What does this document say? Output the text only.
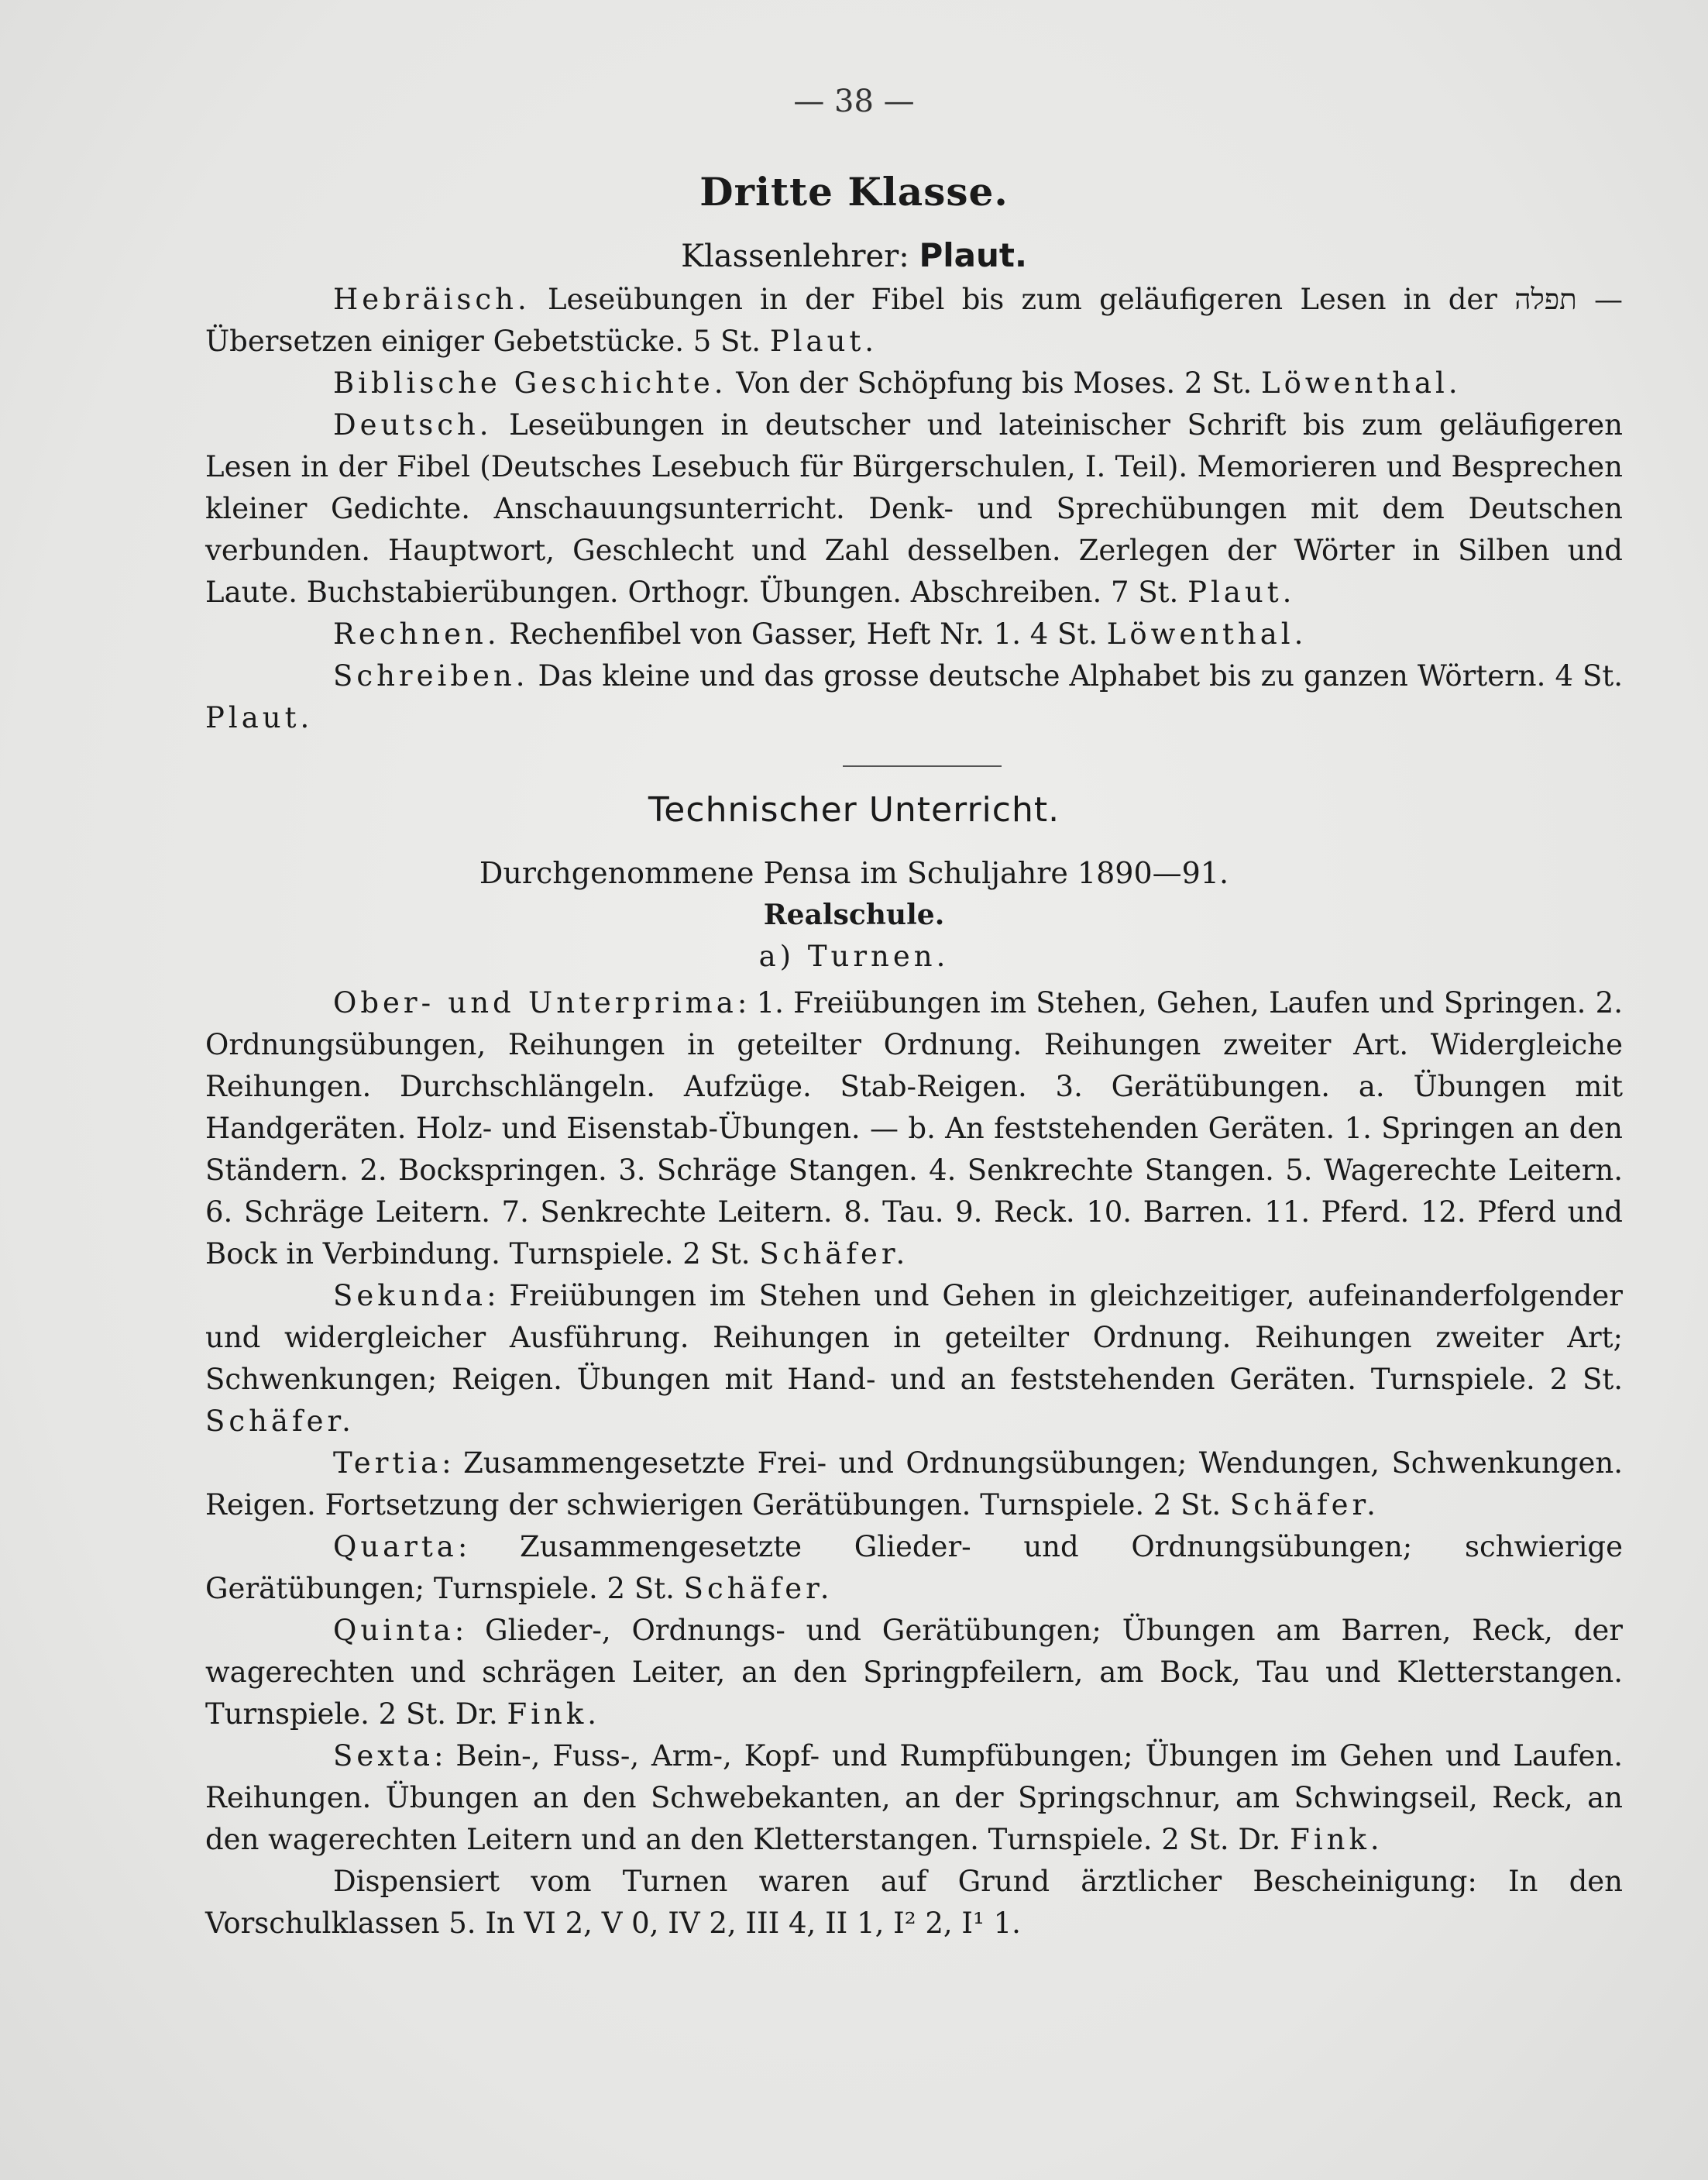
— 38 —
Dritte Klasse.
Klassenlehrer: Plaut.

Hebräisch. Leseübungen in der Fibel bis zum geläufigeren Lesen in der תפלה — Übersetzen einiger Gebetstücke. 5 St. Plaut.

Biblische Geschichte. Von der Schöpfung bis Moses. 2 St. Löwenthal.

Deutsch. Leseübungen in deutscher und lateinischer Schrift bis zum geläufigeren Lesen in der Fibel (Deutsches Lesebuch für Bürgerschulen, I. Teil). Memorieren und Besprechen kleiner Gedichte. Anschauungsunterricht. Denk- und Sprechübungen mit dem Deutschen verbunden. Hauptwort, Geschlecht und Zahl desselben. Zerlegen der Wörter in Silben und Laute. Buchstabierübungen. Orthogr. Übungen. Abschreiben. 7 St. Plaut.

Rechnen. Rechenfibel von Gasser, Heft Nr. 1. 4 St. Löwenthal.

Schreiben. Das kleine und das grosse deutsche Alphabet bis zu ganzen Wörtern. 4 St. Plaut.

Technischer Unterricht.
Durchgenommene Pensa im Schuljahre 1890—91.
Realschule.
a) Turnen.

Ober- und Unterprima: 1. Freiübungen im Stehen, Gehen, Laufen und Springen. 2. Ordnungsübungen, Reihungen in geteilter Ordnung. Reihungen zweiter Art. Widergleiche Reihungen. Durchschlängeln. Aufzüge. Stab-Reigen. 3. Gerätübungen. a. Übungen mit Handgeräten. Holz- und Eisenstab-Übungen. — b. An feststehenden Geräten. 1. Springen an den Ständern. 2. Bockspringen. 3. Schräge Stangen. 4. Senkrechte Stangen. 5. Wagerechte Leitern. 6. Schräge Leitern. 7. Senkrechte Leitern. 8. Tau. 9. Reck. 10. Barren. 11. Pferd. 12. Pferd und Bock in Verbindung. Turnspiele. 2 St. Schäfer.

Sekunda: Freiübungen im Stehen und Gehen in gleichzeitiger, aufeinanderfolgender und widergleicher Ausführung. Reihungen in geteilter Ordnung. Reihungen zweiter Art; Schwenkungen; Reigen. Übungen mit Hand- und an feststehenden Geräten. Turnspiele. 2 St. Schäfer.

Tertia: Zusammengesetzte Frei- und Ordnungsübungen; Wendungen, Schwenkungen. Reigen. Fortsetzung der schwierigen Gerätübungen. Turnspiele. 2 St. Schäfer.

Quarta: Zusammengesetzte Glieder- und Ordnungsübungen; schwierige Gerätübungen; Turnspiele. 2 St. Schäfer.

Quinta: Glieder-, Ordnungs- und Gerätübungen; Übungen am Barren, Reck, der wagerechten und schrägen Leiter, an den Springpfeilern, am Bock, Tau und Kletterstangen. Turnspiele. 2 St. Dr. Fink.

Sexta: Bein-, Fuss-, Arm-, Kopf- und Rumpfübungen; Übungen im Gehen und Laufen. Reihungen. Übungen an den Schwebekanten, an der Springschnur, am Schwingseil, Reck, an den wagerechten Leitern und an den Kletterstangen. Turnspiele. 2 St. Dr. Fink.

Dispensiert vom Turnen waren auf Grund ärztlicher Bescheinigung: In den Vorschulklassen 5. In VI 2, V 0, IV 2, III 4, II 1, I² 2, I¹ 1.
